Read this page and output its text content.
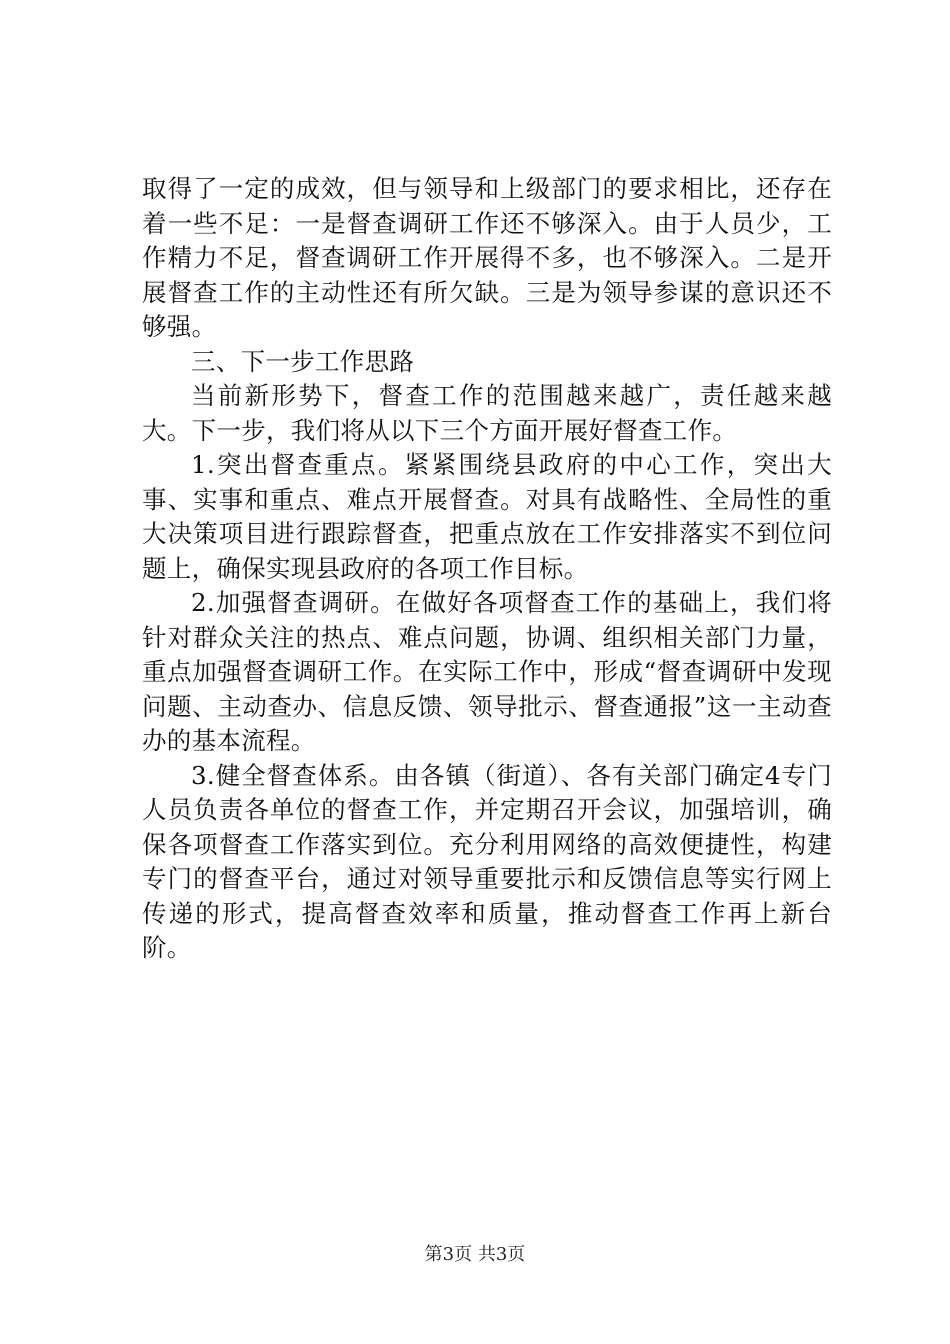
取得了一定的成效，但与领导和上级部门的要求相比，还存在着一些不足：一是督查调研工作还不够深入。由于人员少，工作精力不足，督查调研工作开展得不多，也不够深入。二是开展督查工作的主动性还有所欠缺。三是为领导参谋的意识还不够强。

三、下一步工作思路

当前新形势下，督查工作的范围越来越广，责任越来越大。下一步，我们将从以下三个方面开展好督查工作。

1.突出督查重点。紧紧围绕县政府的中心工作，突出大事、实事和重点、难点开展督查。对具有战略性、全局性的重大决策项目进行跟踪督查，把重点放在工作安排落实不到位问题上，确保实现县政府的各项工作目标。

2.加强督查调研。在做好各项督查工作的基础上，我们将针对群众关注的热点、难点问题，协调、组织相关部门力量，重点加强督查调研工作。在实际工作中，形成“督查调研中发现问题、主动查办、信息反馈、领导批示、督查通报”这一主动查办的基本流程。

3.健全督查体系。由各镇（街道）、各有关部门确定4专门人员负责各单位的督查工作，并定期召开会议，加强培训，确保各项督查工作落实到位。充分利用网络的高效便捷性，构建专门的督查平台，通过对领导重要批示和反馈信息等实行网上传递的形式，提高督查效率和质量，推动督查工作再上新台阶。

第3页 共3页
